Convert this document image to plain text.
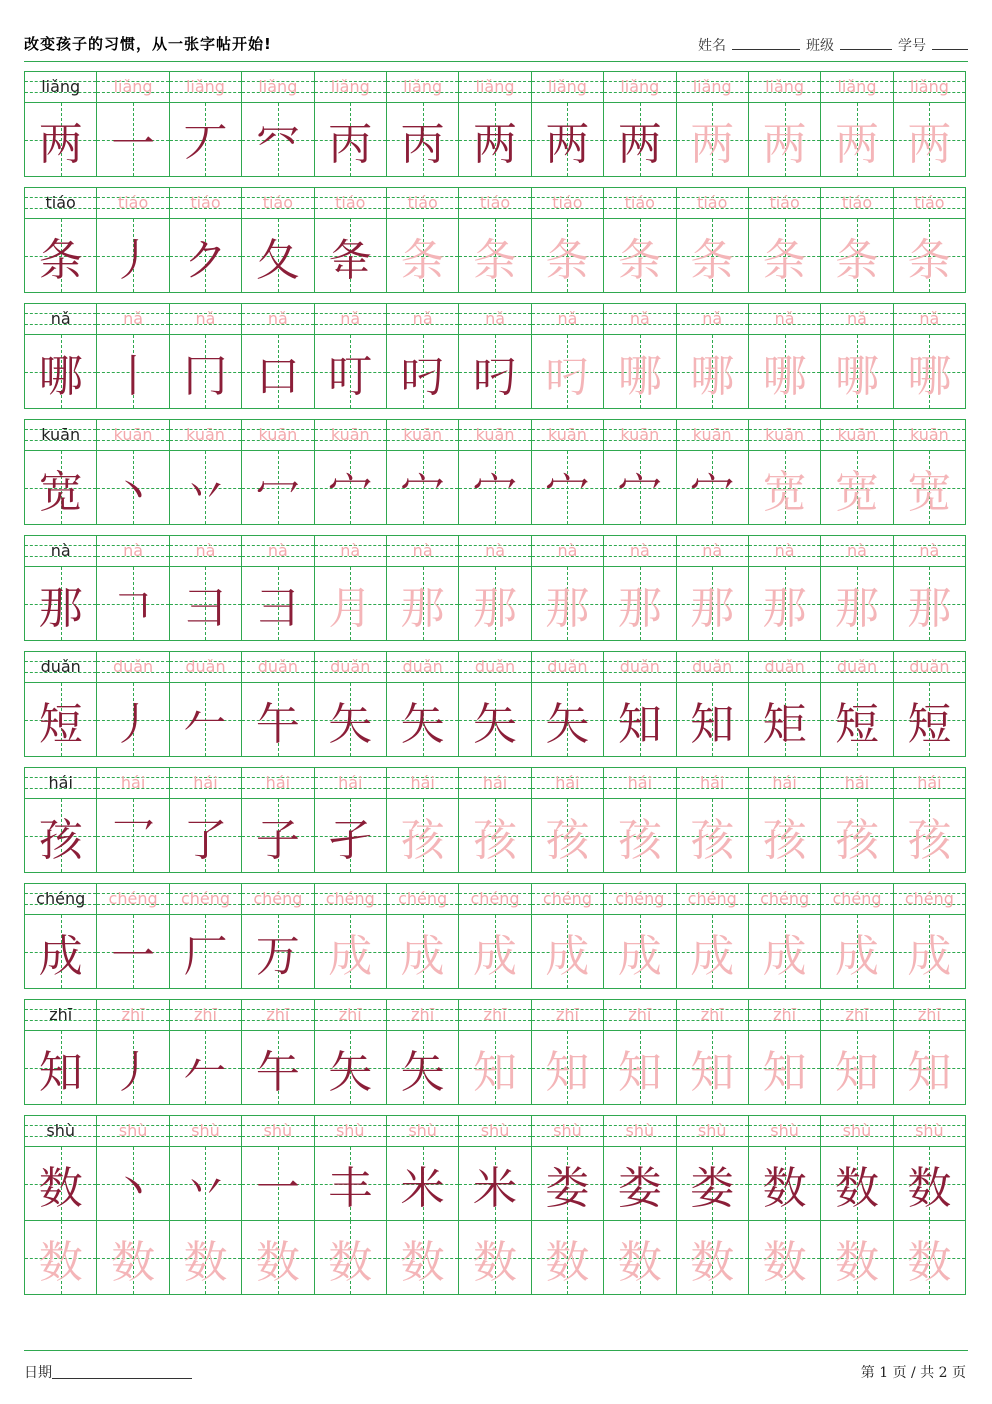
改变孩子的习惯，从一张字帖开始!	姓名	班级	学号
liǎng	liǎng	liǎng	liǎng	liǎng	liǎng	liǎng	liǎng	liǎng	liǎng	liǎng	liǎng	liǎng
两 一 丆 㓁 丙 丙 两 两 两 两 两 两 两
tiáo	tiáo	tiáo	tiáo	tiáo	tiáo	tiáo	tiáo	tiáo	tiáo	tiáo	tiáo	tiáo
条 丿 ク 夂 夅 条 条 条 条 条 条 条 条
nǎ	nǎ	nǎ	nǎ	nǎ	nǎ	nǎ	nǎ	nǎ	nǎ	nǎ	nǎ	nǎ
哪 丨 冂 口 叮 叼 叼 叼 哪 哪 哪 哪 哪
kuān	kuān	kuān	kuān	kuān	kuān	kuān	kuān	kuān	kuān	kuān	kuān	kuān
宽 丶 丷 冖 宀 宀 宀 宀 宀 宀 宽 宽 宽
nà	nà	nà	nà	nà	nà	nà	nà	nà	nà	nà	nà	nà
那 𠃍 彐 彐 月 那 那 那 那 那 那 那 那
duǎn	duǎn	duǎn	duǎn	duǎn	duǎn	duǎn	duǎn	duǎn	duǎn	duǎn	duǎn	duǎn
短 丿 𠂉 午 矢 矢 矢 矢 知 知 矩 短 短
hái	hái	hái	hái	hái	hái	hái	hái	hái	hái	hái	hái	hái
孩 乛 了 子 孑 孩 孩 孩 孩 孩 孩 孩 孩
chéng	chéng	chéng	chéng	chéng	chéng	chéng	chéng	chéng	chéng	chéng	chéng	chéng
成 一 厂 万 成 成 成 成 成 成 成 成 成
zhī	zhī	zhī	zhī	zhī	zhī	zhī	zhī	zhī	zhī	zhī	zhī	zhī
知 丿 𠂉 午 矢 矢 知 知 知 知 知 知 知
shù	shù	shù	shù	shù	shù	shù	shù	shù	shù	shù	shù	shù
数 丶 丷 一 丰 米 米 娄 娄 娄 数 数 数
数 数 数 数 数 数 数 数 数 数 数 数 数
日期	第 1 页 / 共 2 页
